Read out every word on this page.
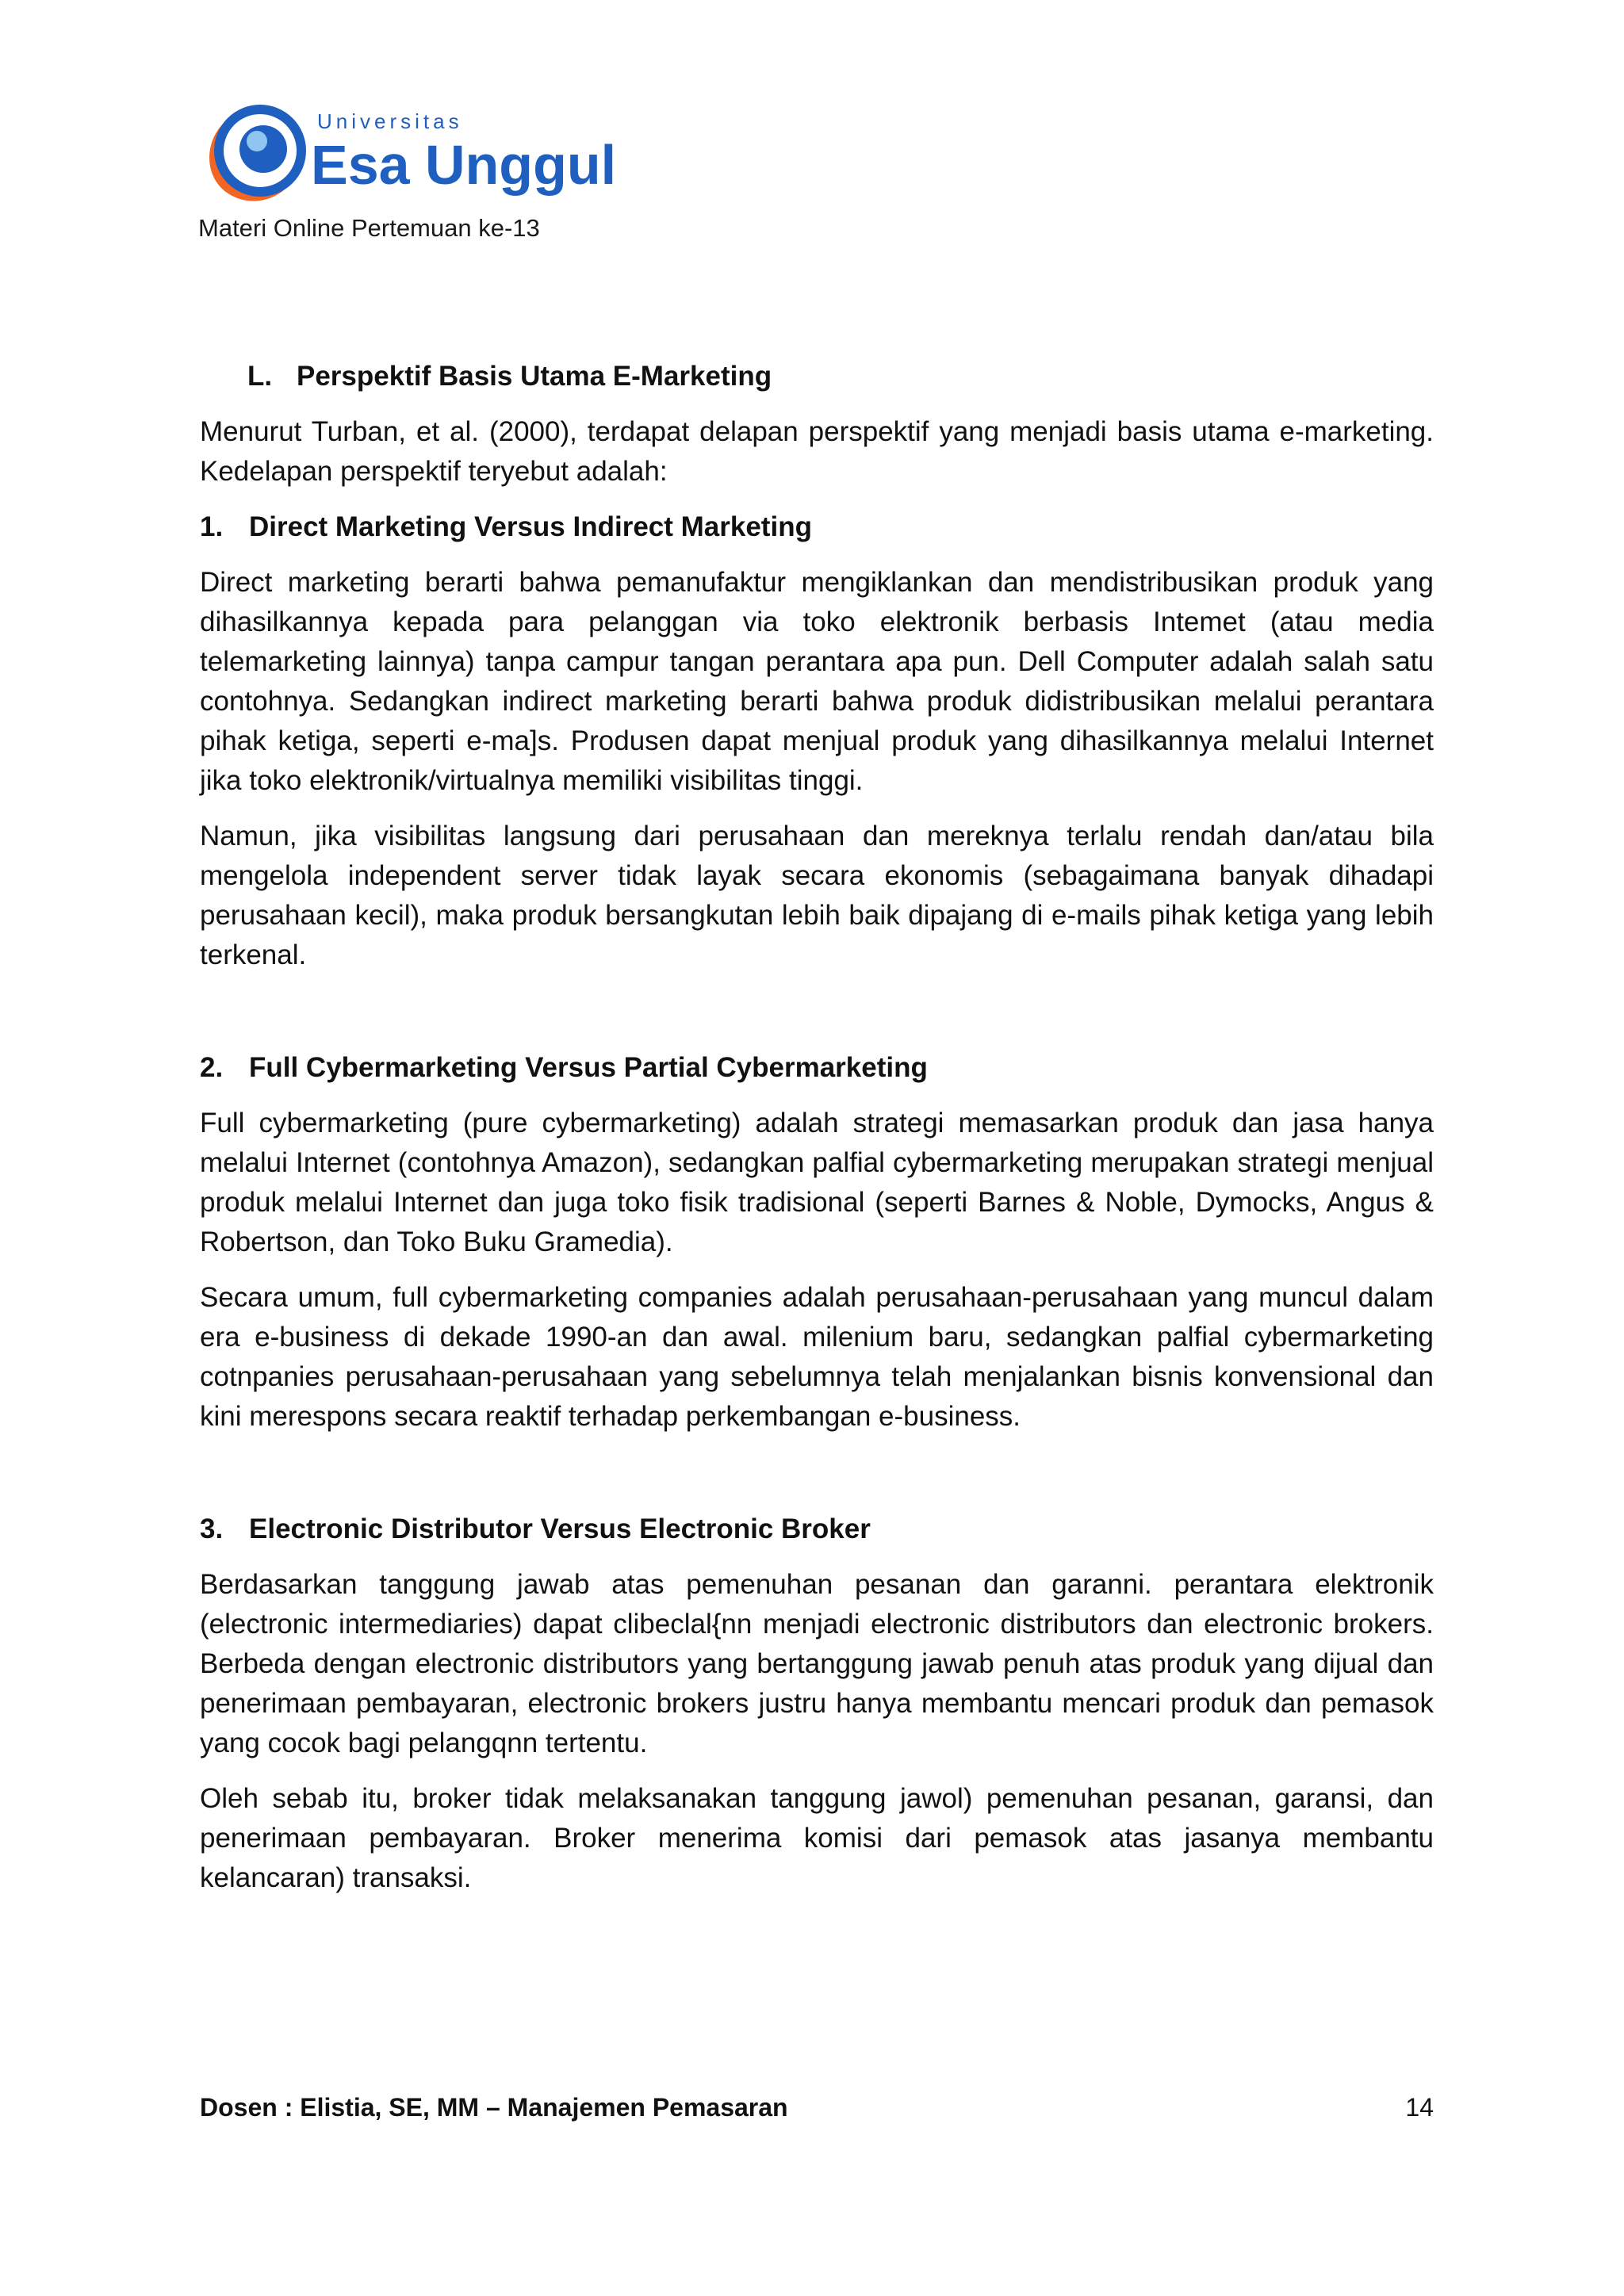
Universitas
Esa Unggul
Materi Online Pertemuan ke-13
L. Perspektif Basis Utama E-Marketing

Menurut Turban, et al. (2000), terdapat delapan perspektif yang menjadi basis utama e-marketing. Kedelapan perspektif teryebut adalah:

1. Direct Marketing Versus Indirect Marketing

Direct marketing berarti bahwa pemanufaktur mengiklankan dan mendistribusikan produk yang dihasilkannya kepada para pelanggan via toko elektronik berbasis Intemet (atau media telemarketing lainnya) tanpa campur tangan perantara apa pun. Dell Computer adalah salah satu contohnya. Sedangkan indirect marketing berarti bahwa produk didistribusikan melalui perantara pihak ketiga, seperti e-ma]s. Produsen dapat menjual produk yang dihasilkannya melalui Internet jika toko elektronik/virtualnya memiliki visibilitas tinggi.

Namun, jika visibilitas langsung dari perusahaan dan mereknya terlalu rendah dan/atau bila mengelola independent server tidak layak secara ekonomis (sebagaimana banyak dihadapi perusahaan kecil), maka produk bersangkutan lebih baik dipajang di e-mails pihak ketiga yang lebih terkenal.

2. Full Cybermarketing Versus Partial Cybermarketing

Full cybermarketing (pure cybermarketing) adalah strategi memasarkan produk dan jasa hanya melalui Internet (contohnya Amazon), sedangkan palfial cybermarketing merupakan strategi menjual produk melalui Internet dan juga toko fisik tradisional (seperti Barnes & Noble, Dymocks, Angus & Robertson, dan Toko Buku Gramedia).

Secara umum, full cybermarketing companies adalah perusahaan-perusahaan yang muncul dalam era e-business di dekade 1990-an dan awal. milenium baru, sedangkan palfial cybermarketing cotnpanies perusahaan-perusahaan yang sebelumnya telah menjalankan bisnis konvensional dan kini merespons secara reaktif terhadap perkembangan e-business.

3. Electronic Distributor Versus Electronic Broker

Berdasarkan tanggung jawab atas pemenuhan pesanan dan garanni. perantara elektronik (electronic intermediaries) dapat clibeclal{nn menjadi electronic distributors dan electronic brokers. Berbeda dengan electronic distributors yang bertanggung jawab penuh atas produk yang dijual dan penerimaan pembayaran, electronic brokers justru hanya membantu mencari produk dan pemasok yang cocok bagi pelangqnn tertentu.

Oleh sebab itu, broker tidak melaksanakan tanggung jawol) pemenuhan pesanan, garansi, dan penerimaan pembayaran. Broker menerima komisi dari pemasok atas jasanya membantu kelancaran) transaksi.

Dosen : Elistia, SE, MM – Manajemen Pemasaran	14
